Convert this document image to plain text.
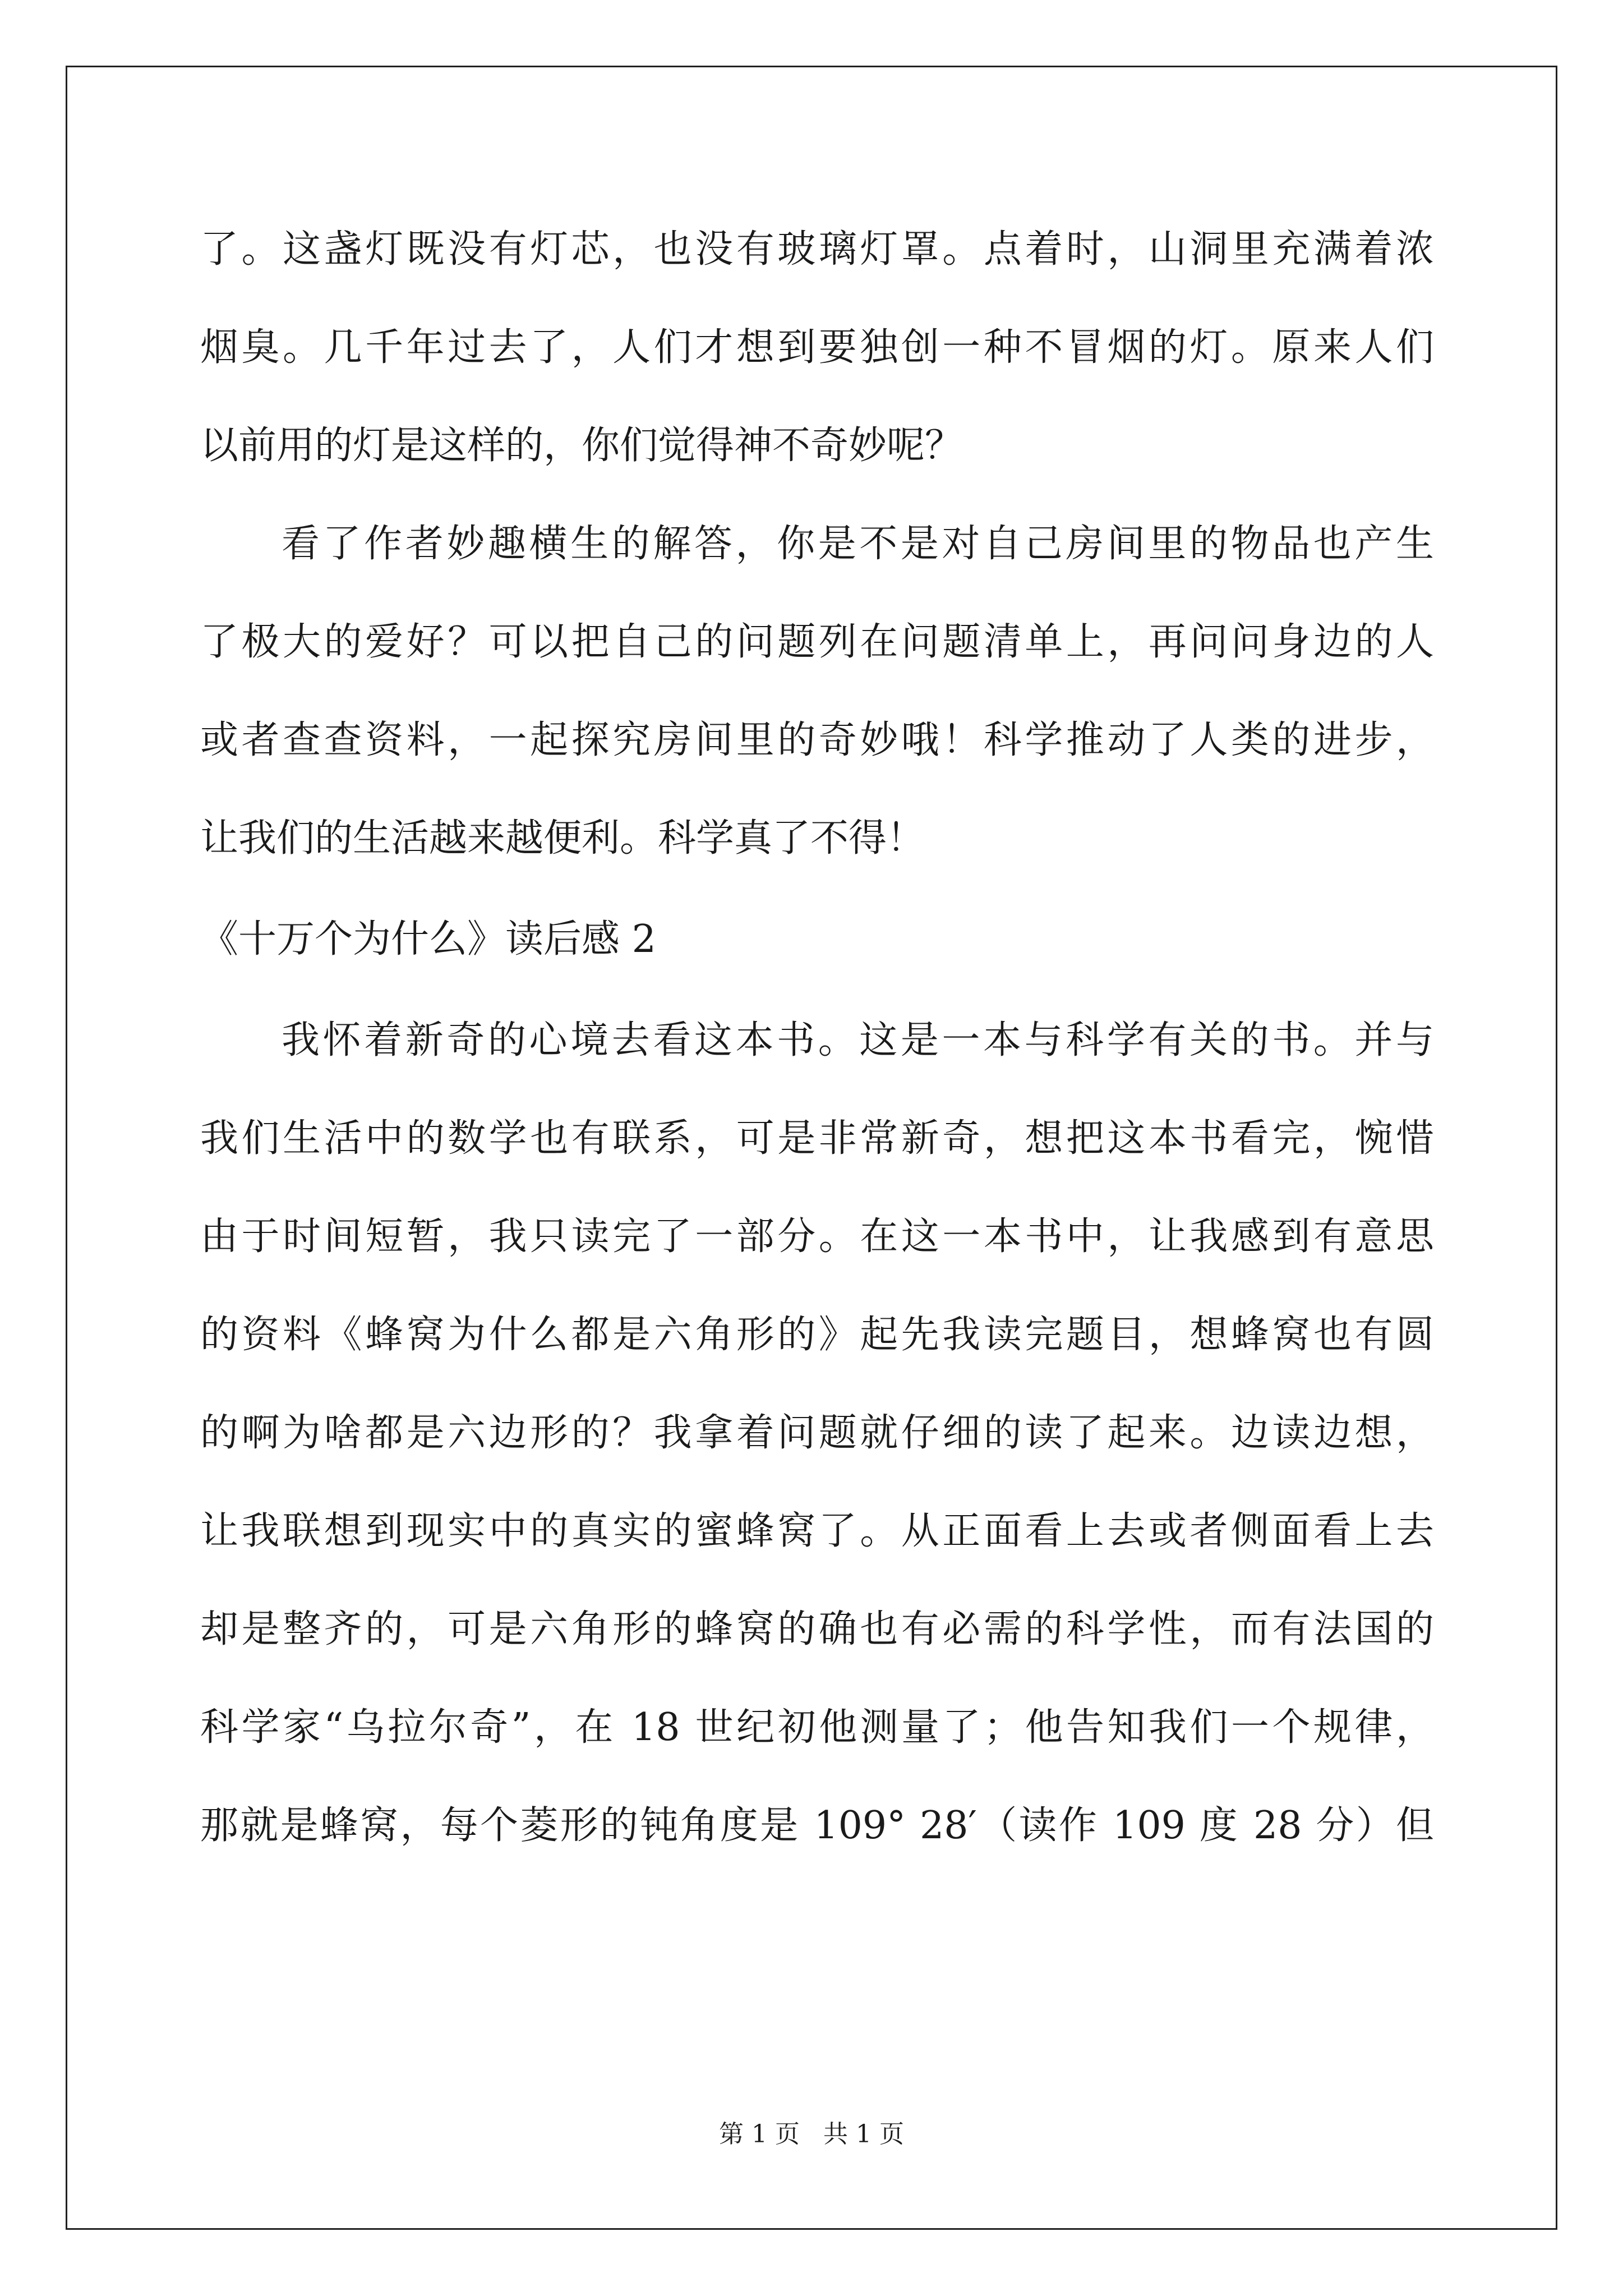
了。这盏灯既没有灯芯，也没有玻璃灯罩。点着时，山洞里充满着浓
烟臭。几千年过去了，人们才想到要独创一种不冒烟的灯。原来人们
以前用的灯是这样的，你们觉得神不奇妙呢？
看了作者妙趣横生的解答，你是不是对自己房间里的物品也产生
了极大的爱好？可以把自己的问题列在问题清单上，再问问身边的人
或者查查资料，一起探究房间里的奇妙哦！科学推动了人类的进步，
让我们的生活越来越便利。科学真了不得！
《十万个为什么》读后感 2
我怀着新奇的心境去看这本书。这是一本与科学有关的书。并与
我们生活中的数学也有联系，可是非常新奇，想把这本书看完，惋惜
由于时间短暂，我只读完了一部分。在这一本书中，让我感到有意思
的资料《蜂窝为什么都是六角形的》起先我读完题目，想蜂窝也有圆
的啊为啥都是六边形的？我拿着问题就仔细的读了起来。边读边想，
让我联想到现实中的真实的蜜蜂窝了。从正面看上去或者侧面看上去
却是整齐的，可是六角形的蜂窝的确也有必需的科学性，而有法国的
科学家“乌拉尔奇”，在 18 世纪初他测量了；他告知我们一个规律，
那就是蜂窝，每个菱形的钝角度是 109° 28′（读作 109 度 28 分）但
第 1 页   共 1 页
